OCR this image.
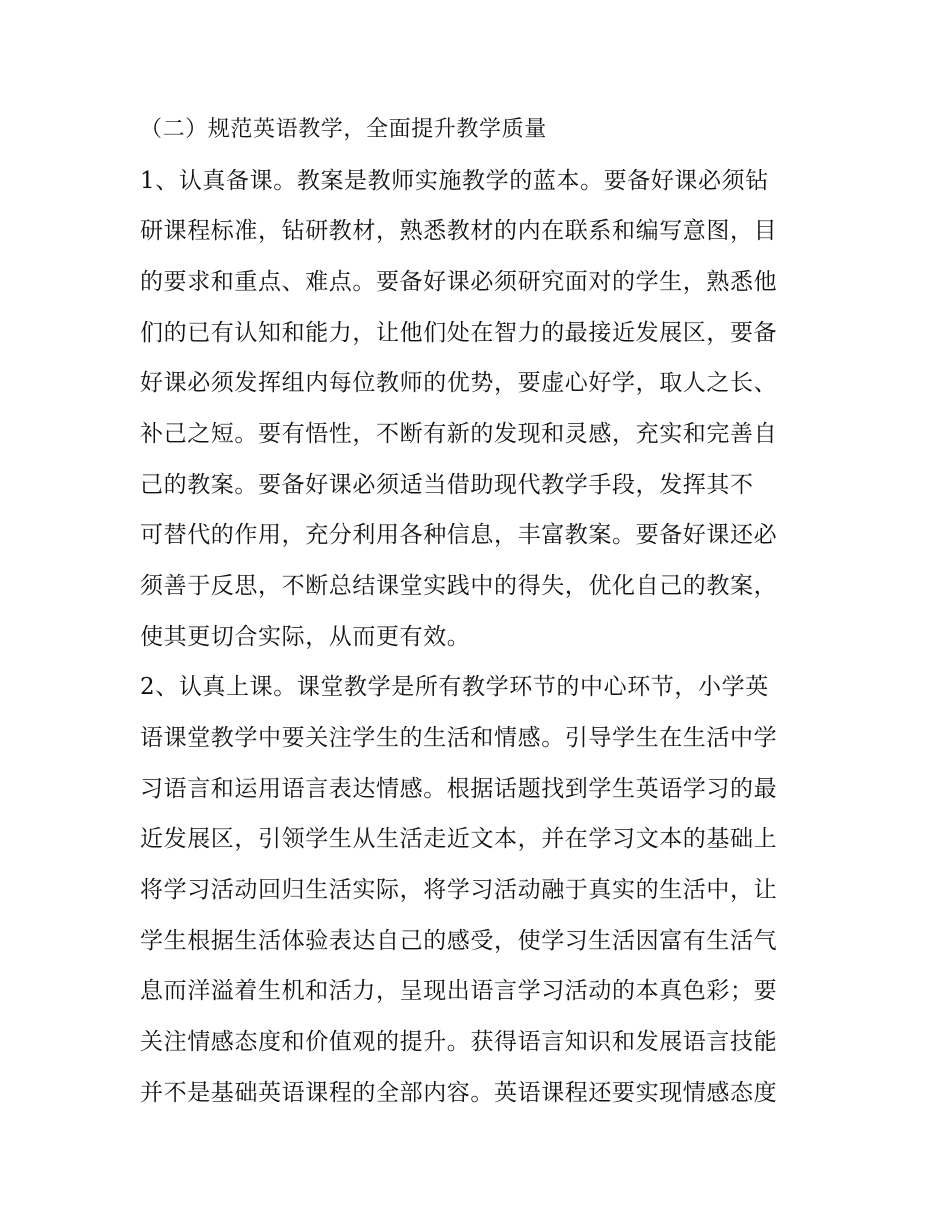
（二）规范英语教学，全面提升教学质量
1、认真备课。教案是教师实施教学的蓝本。要备好课必须钻
研课程标准，钻研教材，熟悉教材的内在联系和编写意图，目
的要求和重点、难点。要备好课必须研究面对的学生，熟悉他
们的已有认知和能力，让他们处在智力的最接近发展区，要备
好课必须发挥组内每位教师的优势，要虚心好学，取人之长、
补己之短。要有悟性，不断有新的发现和灵感，充实和完善自
己的教案。要备好课必须适当借助现代教学手段，发挥其不
可替代的作用，充分利用各种信息，丰富教案。要备好课还必
须善于反思，不断总结课堂实践中的得失，优化自己的教案，
使其更切合实际，从而更有效。
2、认真上课。课堂教学是所有教学环节的中心环节，小学英
语课堂教学中要关注学生的生活和情感。引导学生在生活中学
习语言和运用语言表达情感。根据话题找到学生英语学习的最
近发展区，引领学生从生活走近文本，并在学习文本的基础上
将学习活动回归生活实际，将学习活动融于真实的生活中，让
学生根据生活体验表达自己的感受，使学习生活因富有生活气
息而洋溢着生机和活力，呈现出语言学习活动的本真色彩；要
关注情感态度和价值观的提升。获得语言知识和发展语言技能
并不是基础英语课程的全部内容。英语课程还要实现情感态度
